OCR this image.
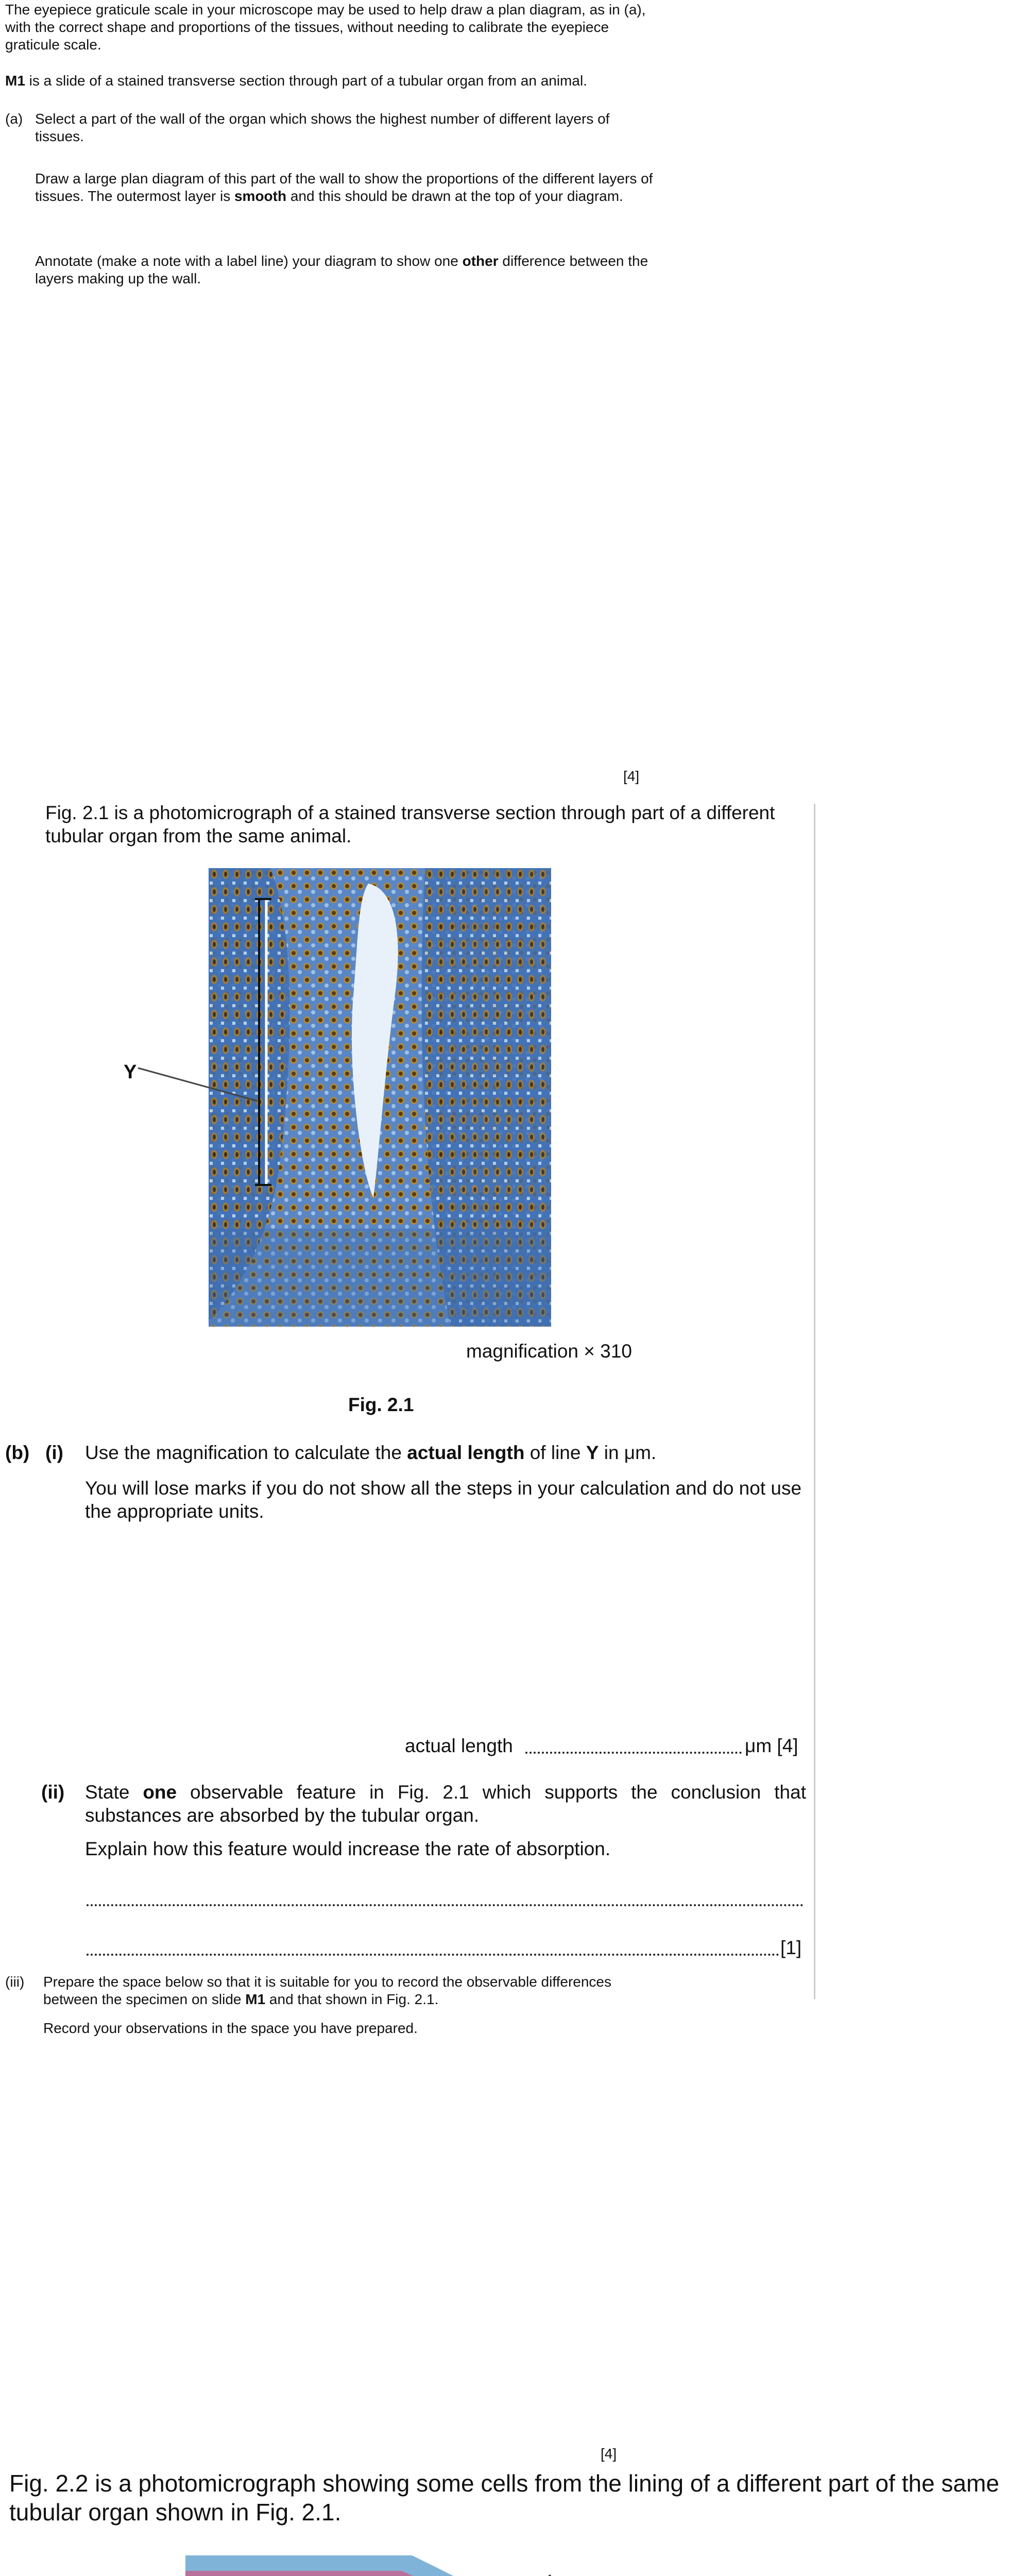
The eyepiece graticule scale in your microscope may be used to help draw a plan diagram, as in (a), with the correct shape and proportions of the tissues, without needing to calibrate the eyepiece graticule scale.
M1 is a slide of a stained transverse section through part of a tubular organ from an animal.
(a) Select a part of the wall of the organ which shows the highest number of different layers of tissues.
Draw a large plan diagram of this part of the wall to show the proportions of the different layers of tissues. The outermost layer is smooth and this should be drawn at the top of your diagram.
Annotate (make a note with a label line) your diagram to show one other difference between the layers making up the wall.
[4]
Fig. 2.1 is a photomicrograph of a stained transverse section through part of a different tubular organ from the same animal.
Y
magnification × 310
Fig. 2.1
(b) (i) Use the magnification to calculate the actual length of line Y in μm.
You will lose marks if you do not show all the steps in your calculation and do not use the appropriate units.
actual length	μm [4]
(ii) State one observable feature in Fig. 2.1 which supports the conclusion that substances are absorbed by the tubular organ.
Explain how this feature would increase the rate of absorption.
[1]
(iii) Prepare the space below so that it is suitable for you to record the observable differences between the specimen on slide M1 and that shown in Fig. 2.1.
Record your observations in the space you have prepared.
[4]
Fig. 2.2 is a photomicrograph showing some cells from the lining of a different part of the same tubular organ shown in Fig. 2.1.
